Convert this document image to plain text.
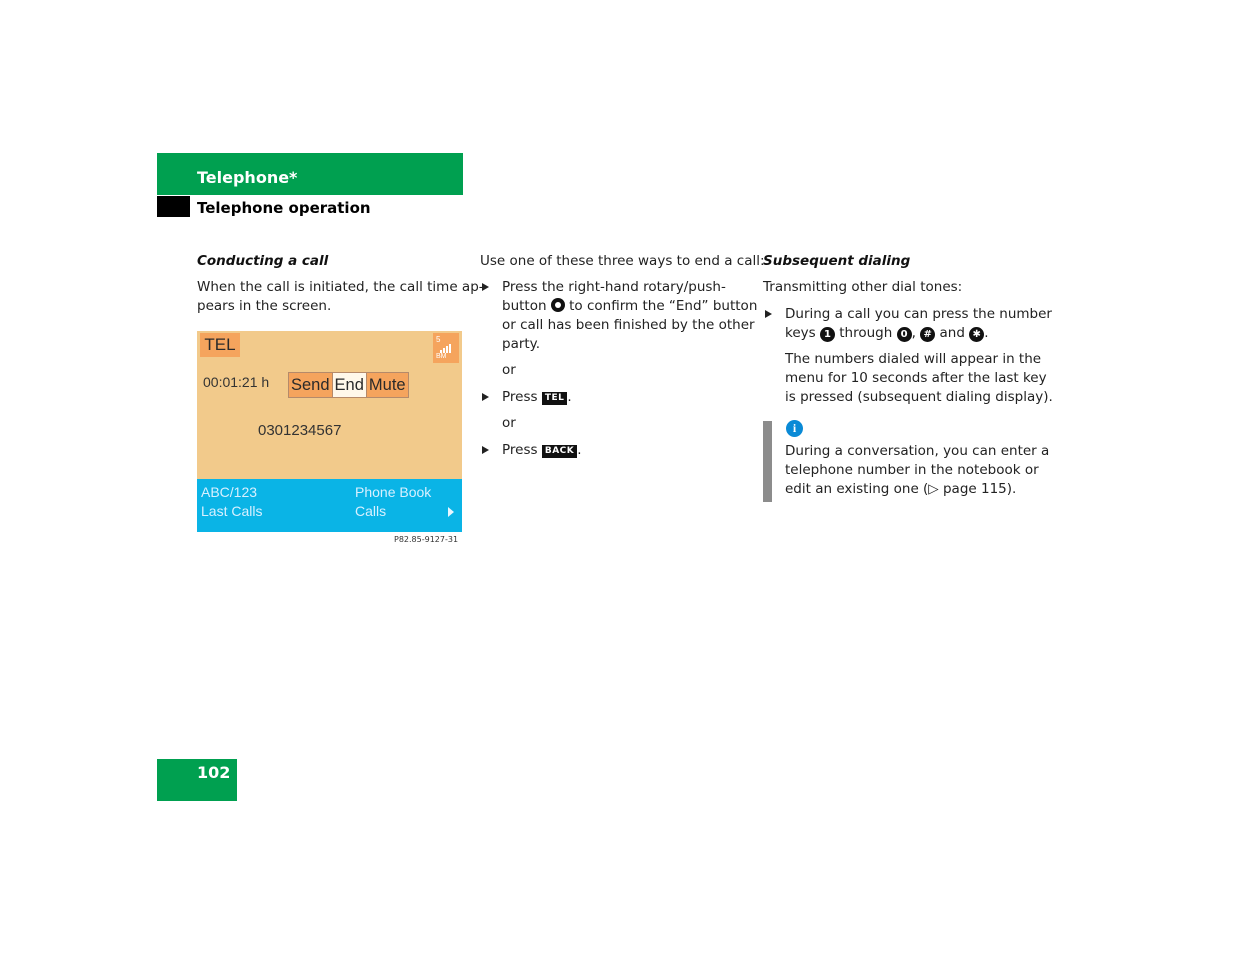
Telephone*
Telephone operation
Conducting a call
When the call is initiated, the call time ap-
pears in the screen.
TEL	5
BM
00:01:21 h Send End Mute
0301234567
ABC/123
Last Calls
Phone Book
Calls
P82.85-9127-31
Use one of these three ways to end a call:
Press the right-hand rotary/push-
button to confirm the “End” button
or call has been finished by the other
party.
or
Press TEL .
or
Press BACK .
Subsequent dialing
Transmitting other dial tones:
During a call you can press the number
keys 1 through 0 , # and ✱ .
The numbers dialed will appear in the
menu for 10 seconds after the last key
is pressed (subsequent dialing display).
i
During a conversation, you can enter a
telephone number in the notebook or
edit an existing one (▷ page 115).
102
